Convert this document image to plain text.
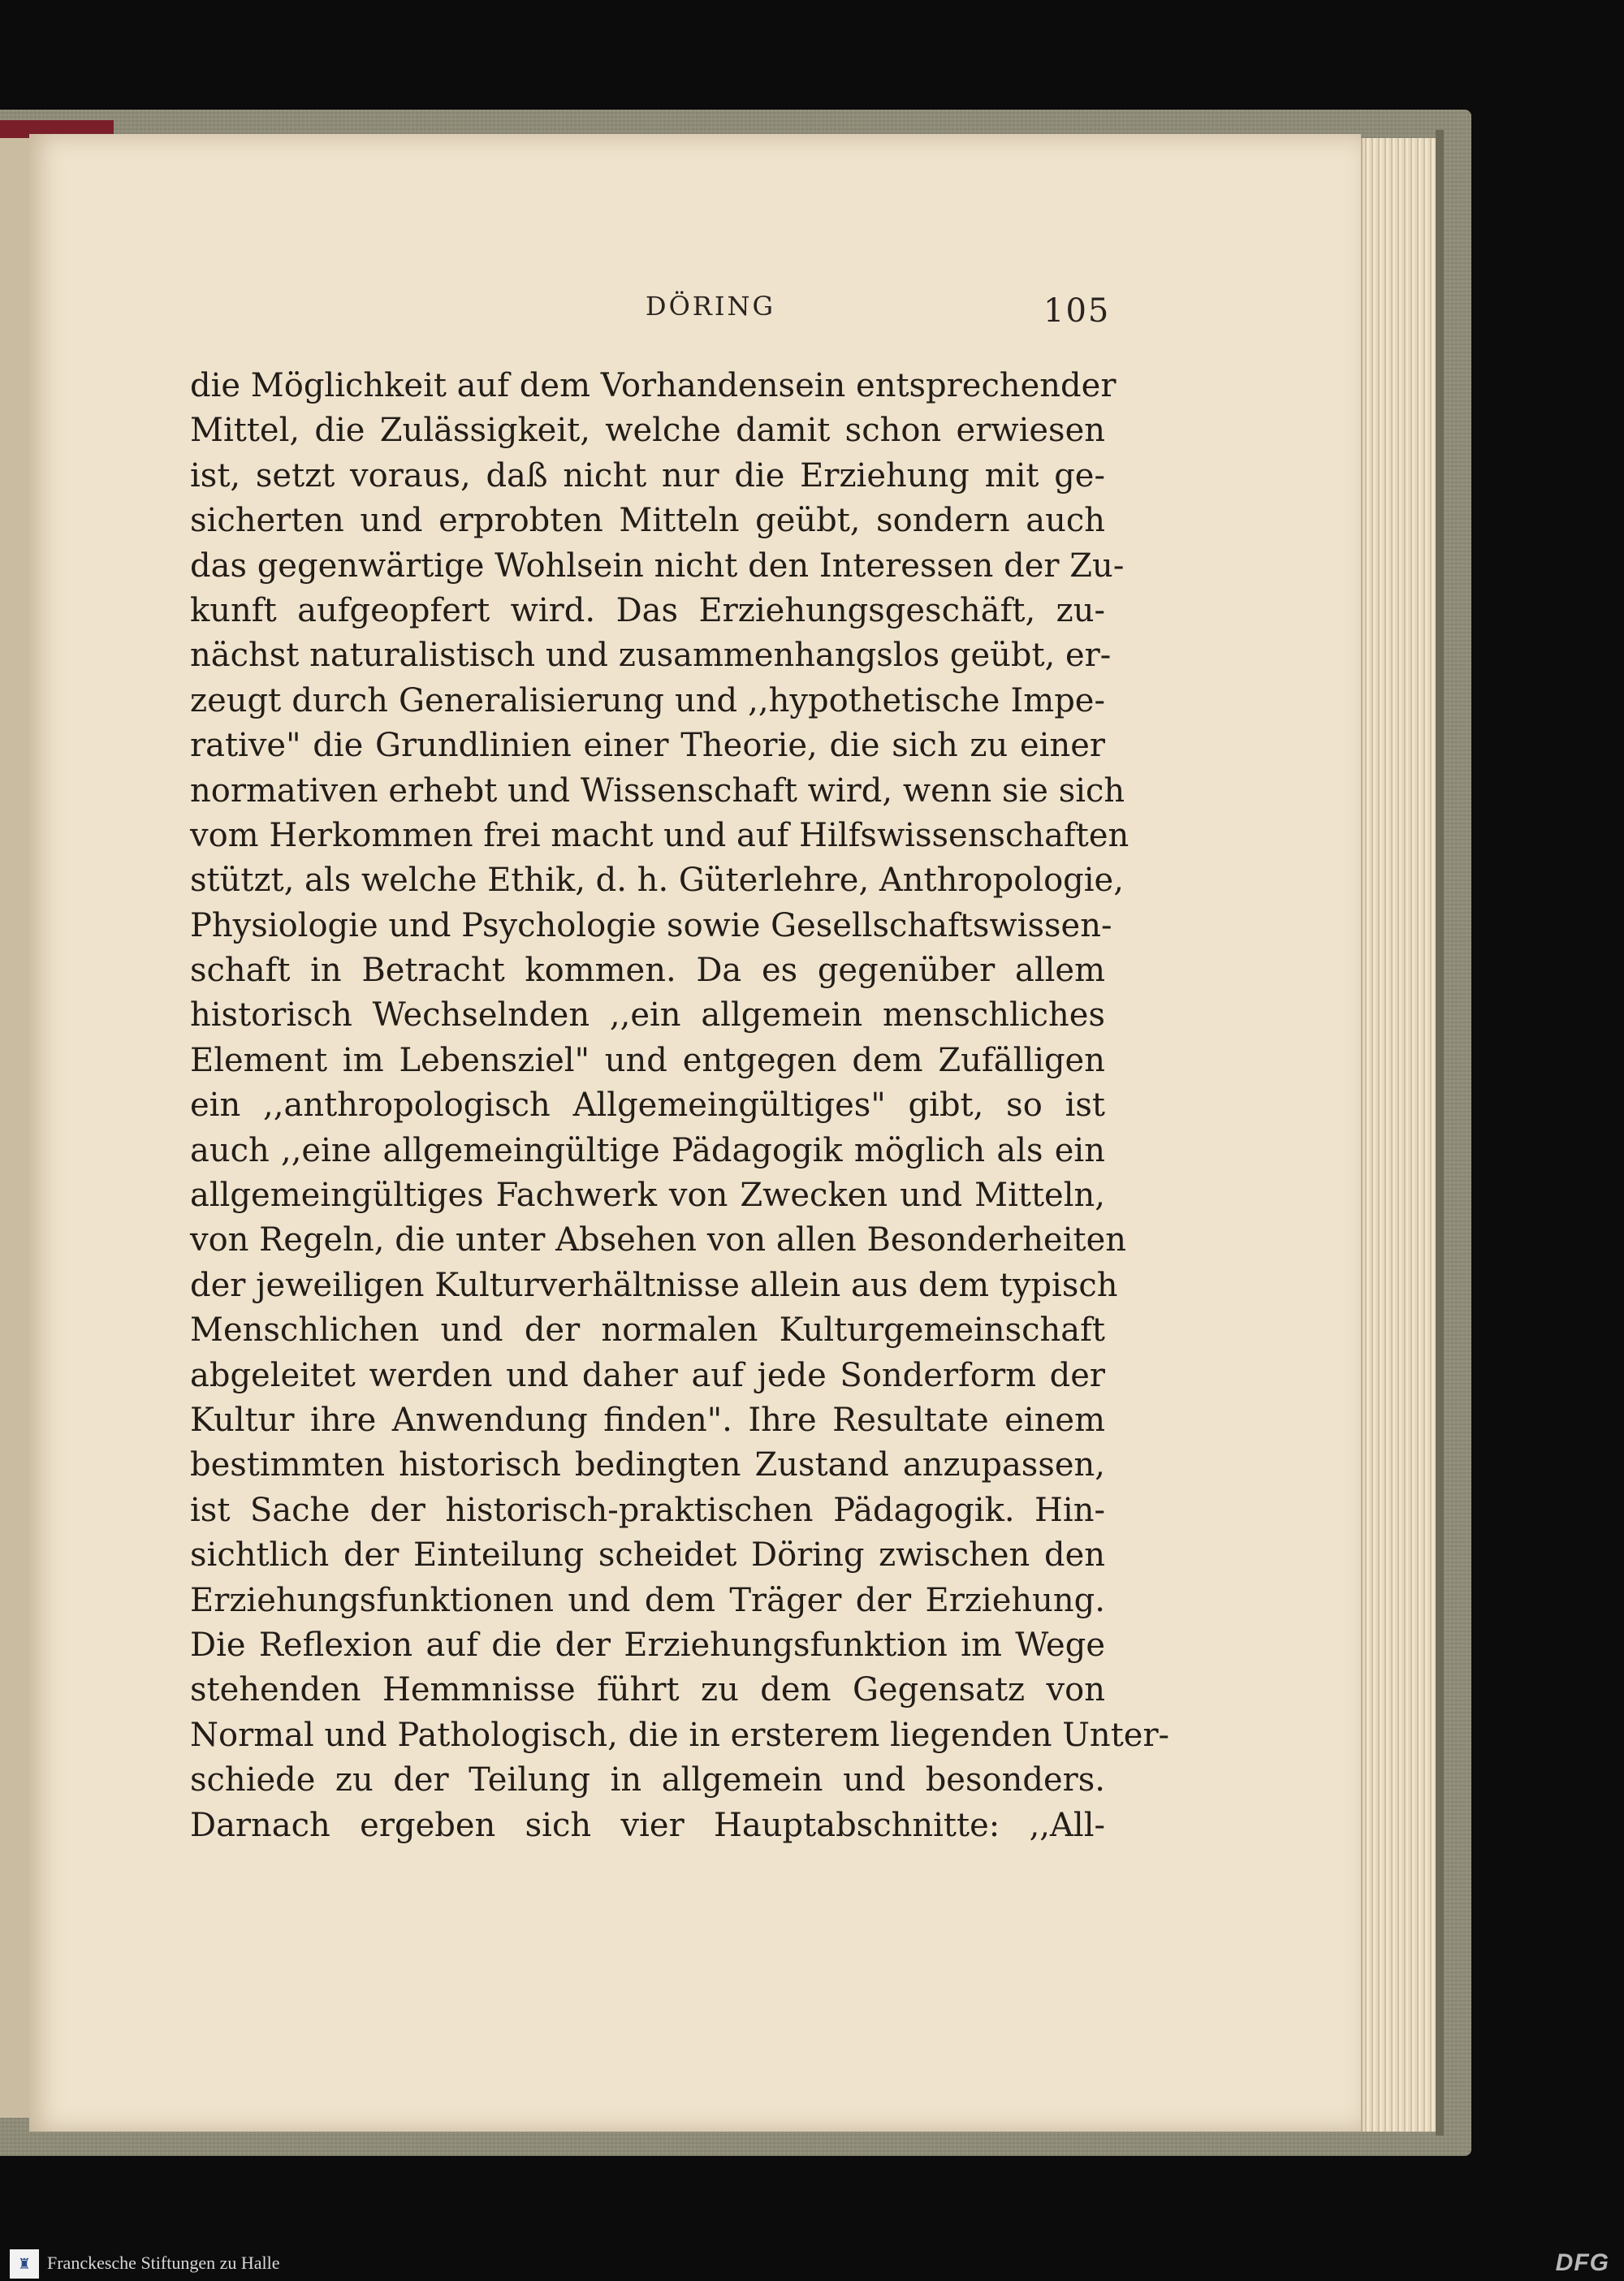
DÖRING	105
die Möglichkeit auf dem Vorhandensein entsprechender
Mittel, die Zulässigkeit, welche damit schon erwiesen
ist, setzt voraus, daß nicht nur die Erziehung mit ge-
sicherten und erprobten Mitteln geübt, sondern auch
das gegenwärtige Wohlsein nicht den Interessen der Zu-
kunft aufgeopfert wird. Das Erziehungsgeschäft, zu-
nächst naturalistisch und zusammenhangslos geübt, er-
zeugt durch Generalisierung und ,,hypothetische Impe-
rative" die Grundlinien einer Theorie, die sich zu einer
normativen erhebt und Wissenschaft wird, wenn sie sich
vom Herkommen frei macht und auf Hilfswissenschaften
stützt, als welche Ethik, d. h. Güterlehre, Anthropologie,
Physiologie und Psychologie sowie Gesellschaftswissen-
schaft in Betracht kommen. Da es gegenüber allem
historisch Wechselnden ,,ein allgemein menschliches
Element im Lebensziel" und entgegen dem Zufälligen
ein ,,anthropologisch Allgemeingültiges" gibt, so ist
auch ,,eine allgemeingültige Pädagogik möglich als ein
allgemeingültiges Fachwerk von Zwecken und Mitteln,
von Regeln, die unter Absehen von allen Besonderheiten
der jeweiligen Kulturverhältnisse allein aus dem typisch
Menschlichen und der normalen Kulturgemeinschaft
abgeleitet werden und daher auf jede Sonderform der
Kultur ihre Anwendung finden". Ihre Resultate einem
bestimmten historisch bedingten Zustand anzupassen,
ist Sache der historisch-praktischen Pädagogik. Hin-
sichtlich der Einteilung scheidet Döring zwischen den
Erziehungsfunktionen und dem Träger der Erziehung.
Die Reflexion auf die der Erziehungsfunktion im Wege
stehenden Hemmnisse führt zu dem Gegensatz von
Normal und Pathologisch, die in ersterem liegenden Unter-
schiede zu der Teilung in allgemein und besonders.
Darnach ergeben sich vier Hauptabschnitte: ,,All-
♜ Franckesche Stiftungen zu Halle	DFG
